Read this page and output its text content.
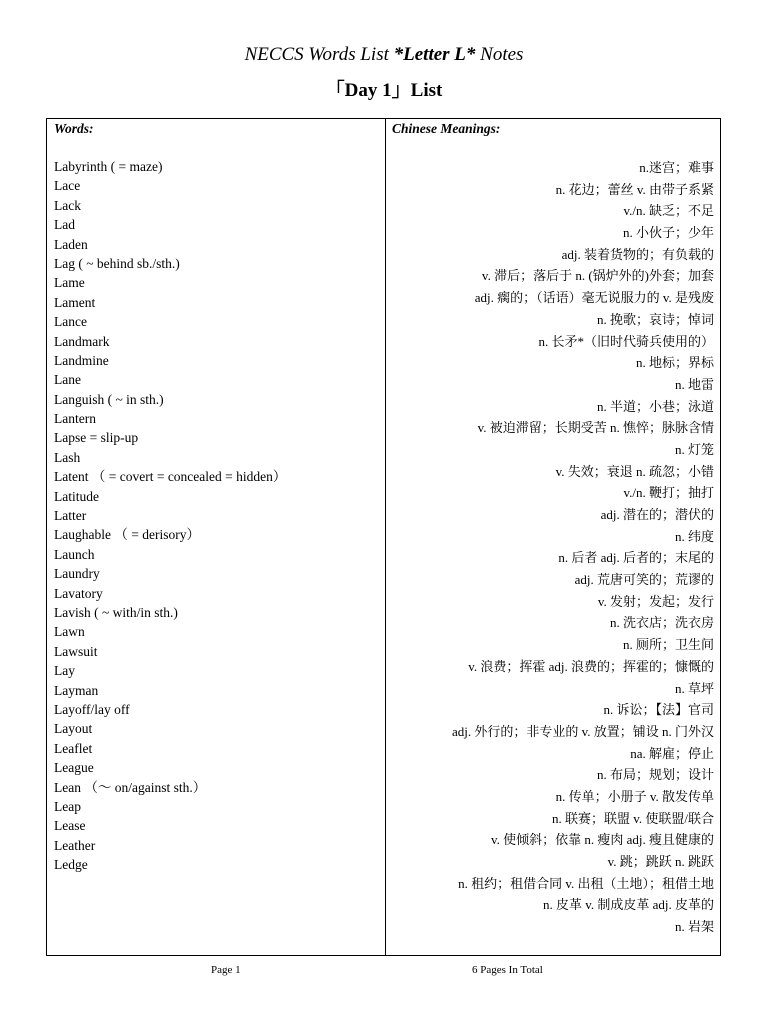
NECCS Words List *Letter L* Notes
「Day 1」List
Words:	Chinese Meanings:
Labyrinth ( = maze)
Lace
Lack
Lad
Laden
Lag ( ~ behind sb./sth.)
Lame
Lament
Lance
Landmark
Landmine
Lane
Languish ( ~ in sth.)
Lantern
Lapse = slip-up
Lash
Latent （ = covert = concealed = hidden）
Latitude
Latter
Laughable （ = derisory）
Launch
Laundry
Lavatory
Lavish ( ~ with/in sth.)
Lawn
Lawsuit
Lay
Layman
Layoff/lay off
Layout
Leaflet
League
Lean （～ on/against sth.）
Leap
Lease
Leather
Ledge
n.迷宫；难事
n. 花边；蕾丝 v. 由带子系紧
v./n. 缺乏；不足
n. 小伙子；少年
adj. 装着货物的；有负载的
v. 滞后；落后于 n. (锅炉外的)外套；加套
adj. 瘸的；（话语）毫无说服力的 v. 是残废
n. 挽歌；哀诗；悼词
n. 长矛*（旧时代骑兵使用的）
n. 地标；界标
n. 地雷
n. 半道；小巷；泳道
v. 被迫滞留；长期受苦 n. 憔悴；脉脉含情
n. 灯笼
v. 失效；衰退 n. 疏忽；小错
v./n. 鞭打；抽打
adj. 潜在的；潜伏的
n. 纬度
n. 后者 adj. 后者的；末尾的
adj. 荒唐可笑的；荒谬的
v. 发射；发起；发行
n. 洗衣店；洗衣房
n. 厕所；卫生间
v. 浪费；挥霍 adj. 浪费的；挥霍的；慷慨的
n. 草坪
n. 诉讼；【法】官司
adj. 外行的；非专业的 v. 放置；铺设 n. 门外汉
na. 解雇；停止
n. 布局；规划；设计
n. 传单；小册子 v. 散发传单
n. 联赛；联盟 v. 使联盟/联合
v. 使倾斜；依靠 n. 瘦肉 adj. 瘦且健康的
v. 跳；跳跃 n. 跳跃
n. 租约；租借合同 v. 出租（土地）；租借土地
n. 皮革 v. 制成皮革 adj. 皮革的
n. 岩架
Page 1	6 Pages In Total
